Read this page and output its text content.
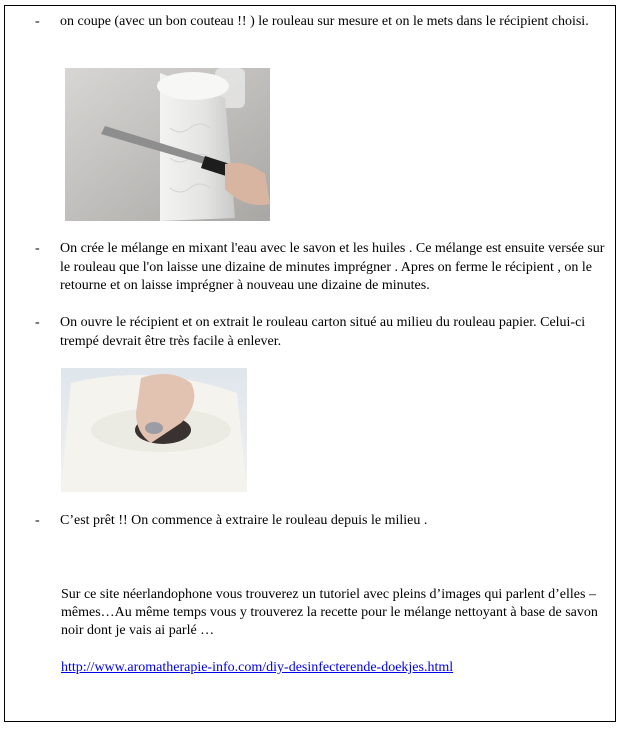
- on coupe (avec un bon couteau !! ) le rouleau sur mesure et on le mets dans le récipient choisi.
- On crée le mélange en mixant l'eau avec le savon et les huiles . Ce mélange est ensuite versée sur le rouleau que l'on laisse une dizaine de minutes imprégner . Apres on ferme le récipient , on le retourne et on laisse imprégner à nouveau une dizaine de minutes.
- On ouvre le récipient et on extrait le rouleau carton situé au milieu du rouleau papier. Celui-ci trempé devrait être très facile à enlever.
- C’est prêt !! On commence à extraire le rouleau depuis le milieu .
Sur ce site néerlandophone vous trouverez un tutoriel avec pleins d’images qui parlent d’elles –mêmes…Au même temps vous y trouverez la recette pour le mélange nettoyant à base de savon noir dont je vais ai parlé …
http://www.aromatherapie-info.com/diy-desinfecterende-doekjes.html
